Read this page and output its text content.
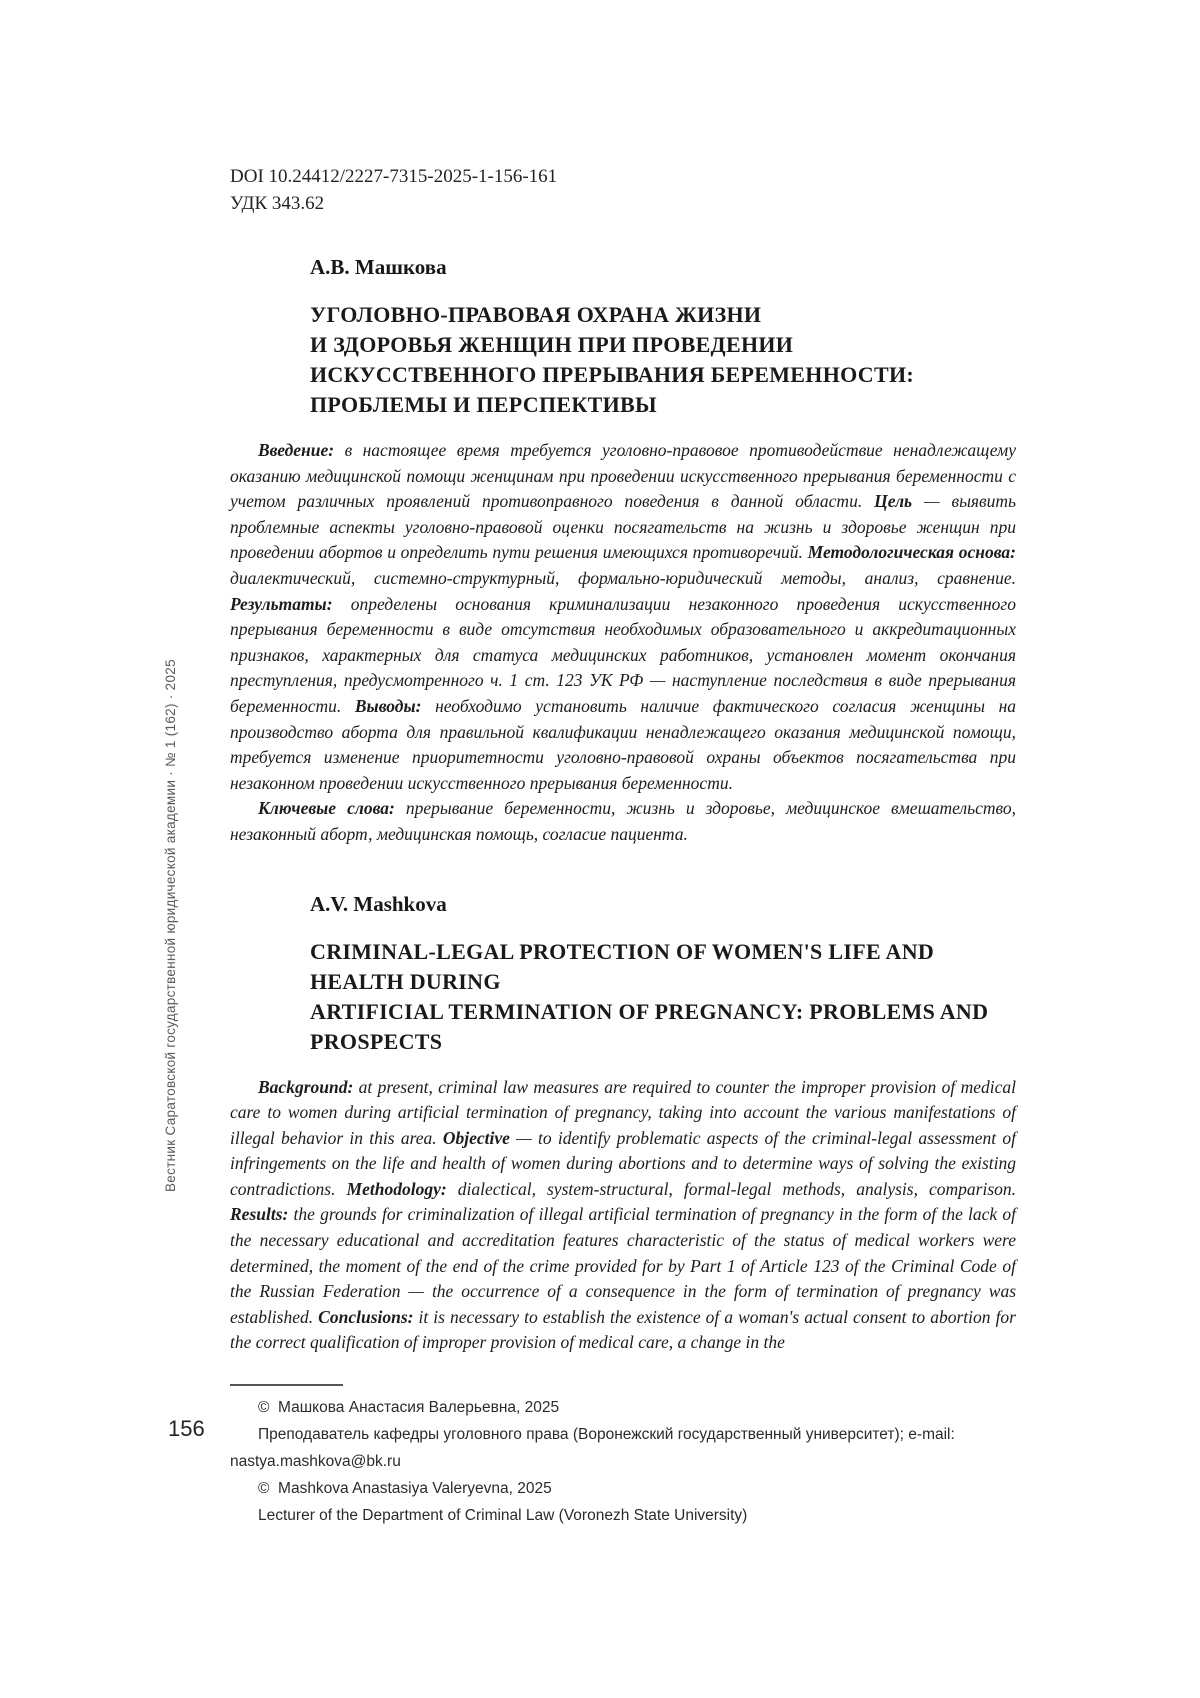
Вестник Саратовской государственной юридической академии · № 1 (162) · 2025
156
DOI 10.24412/2227-7315-2025-1-156-161
УДК 343.62
А.В. Машкова
УГОЛОВНО-ПРАВОВАЯ ОХРАНА ЖИЗНИ
И ЗДОРОВЬЯ ЖЕНЩИН ПРИ ПРОВЕДЕНИИ
ИСКУССТВЕННОГО ПРЕРЫВАНИЯ БЕРЕМЕННОСТИ:
ПРОБЛЕМЫ И ПЕРСПЕКТИВЫ

Введение: в настоящее время требуется уголовно-правовое противодействие ненадлежащему оказанию медицинской помощи женщинам при проведении искусственного прерывания беременности с учетом различных проявлений противоправного поведения в данной области. Цель — выявить проблемные аспекты уголовно-правовой оценки посягательств на жизнь и здоровье женщин при проведении абортов и определить пути решения имеющихся противоречий. Методологическая основа: диалектический, системно-структурный, формально-юридический методы, анализ, сравнение. Результаты: определены основания криминализации незаконного проведения искусственного прерывания беременности в виде отсутствия необходимых образовательного и аккредитационных признаков, характерных для статуса медицинских работников, установлен момент окончания преступления, предусмотренного ч. 1 ст. 123 УК РФ — наступление последствия в виде прерывания беременности. Выводы: необходимо установить наличие фактического согласия женщины на производство аборта для правильной квалификации ненадлежащего оказания медицинской помощи, требуется изменение приоритетности уголовно-правовой охраны объектов посягательства при незаконном проведении искусственного прерывания беременности.

Ключевые слова: прерывание беременности, жизнь и здоровье, медицинское вмешательство, незаконный аборт, медицинская помощь, согласие пациента.

A.V. Mashkova
CRIMINAL-LEGAL PROTECTION OF WOMEN'S LIFE AND HEALTH DURING
ARTIFICIAL TERMINATION OF PREGNANCY: PROBLEMS AND PROSPECTS

Background: at present, criminal law measures are required to counter the improper provision of medical care to women during artificial termination of pregnancy, taking into account the various manifestations of illegal behavior in this area. Objective — to identify problematic aspects of the criminal-legal assessment of infringements on the life and health of women during abortions and to determine ways of solving the existing contradictions. Methodology: dialectical, system-structural, formal-legal methods, analysis, comparison. Results: the grounds for criminalization of illegal artificial termination of pregnancy in the form of the lack of the necessary educational and accreditation features characteristic of the status of medical workers were determined, the moment of the end of the crime provided for by Part 1 of Article 123 of the Criminal Code of the Russian Federation — the occurrence of a consequence in the form of termination of pregnancy was established. Conclusions: it is necessary to establish the existence of a woman's actual consent to abortion for the correct qualification of improper provision of medical care, a change in the

©  Машкова Анастасия Валерьевна, 2025

Преподаватель кафедры уголовного права (Воронежский государственный университет); e-mail: nastya.mashkova@bk.ru

©  Mashkova Anastasiya Valeryevna, 2025

Lecturer of the Department of Criminal Law (Voronezh State University)
